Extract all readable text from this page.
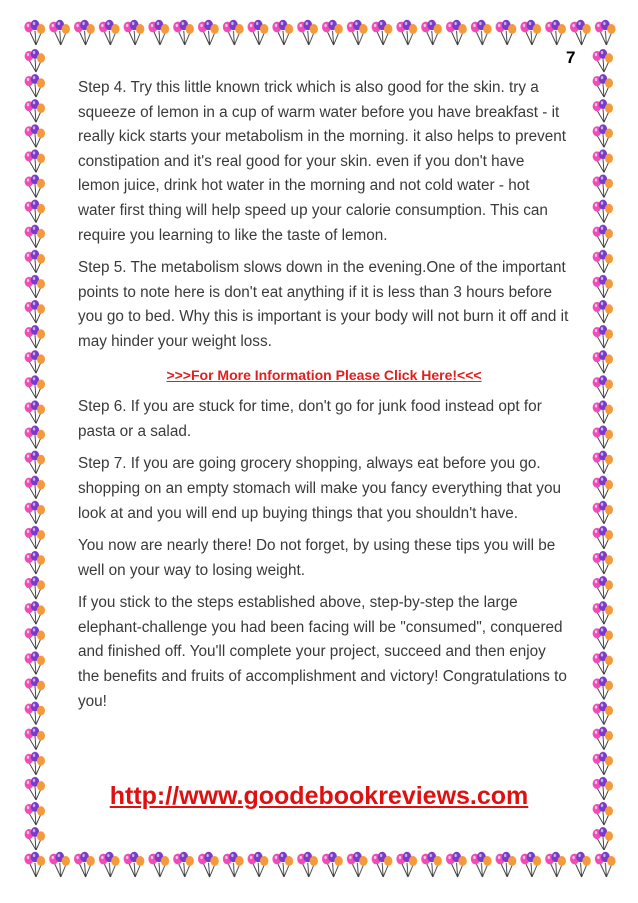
7

Step 4. Try this little known trick which is also good for the skin. try a squeeze of lemon in a cup of warm water before you have breakfast - it really kick starts your metabolism in the morning. it also helps to prevent constipation and it's real good for your skin. even if you don't have lemon juice, drink hot water in the morning and not cold water - hot water first thing will help speed up your calorie consumption. This can require you learning to like the taste of lemon.

Step 5. The metabolism slows down in the evening.One of the important points to note here is don't eat anything if it is less than 3 hours before you go to bed. Why this is important is your body will not burn it off and it may hinder your weight loss.

>>>For More Information Please Click Here!<<<

Step 6. If you are stuck for time, don't go for junk food instead opt for pasta or a salad.

Step 7. If you are going grocery shopping, always eat before you go. shopping on an empty stomach will make you fancy everything that you look at and you will end up buying things that you shouldn't have.

You now are nearly there! Do not forget, by using these tips you will be well on your way to losing weight.

If you stick to the steps established above, step-by-step the large elephant-challenge you had been facing will be "consumed", conquered and finished off. You'll complete your project, succeed and then enjoy the benefits and fruits of accomplishment and victory! Congratulations to you!

http://www.goodebookreviews.com
